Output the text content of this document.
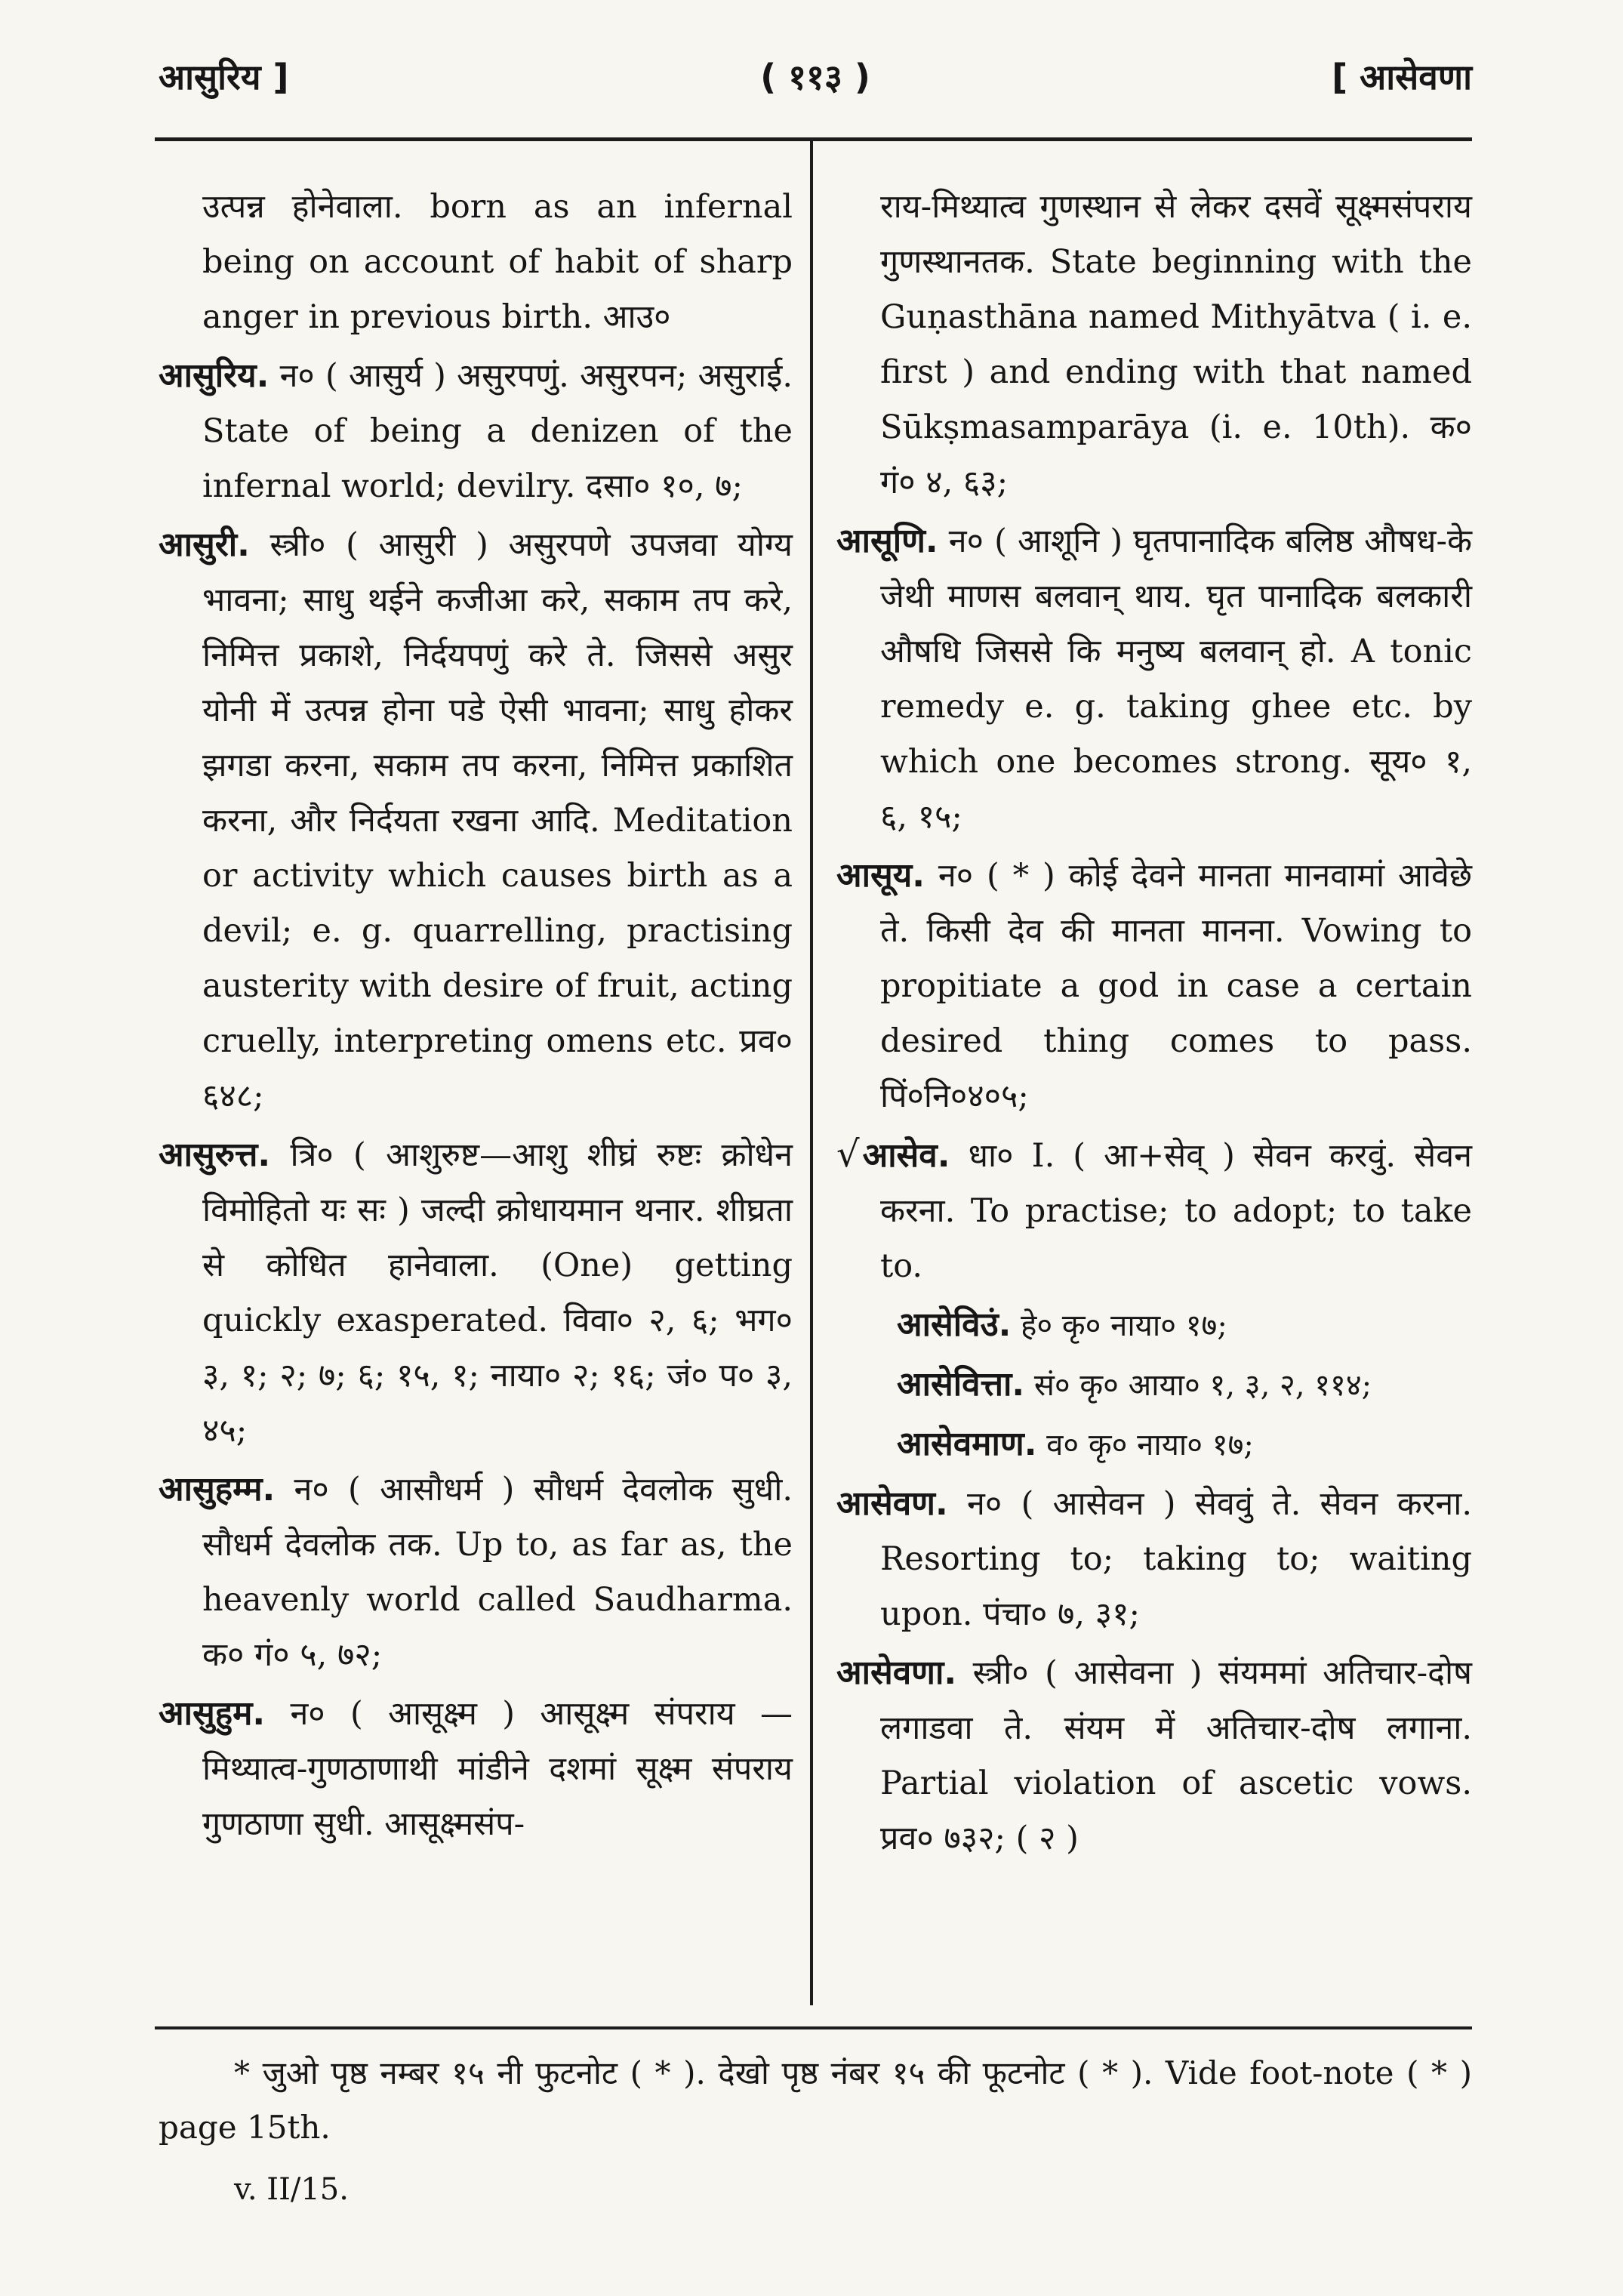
आसुरिय ]	( ११३ )	[ आसेवणा

उत्पन्न होनेवाला. born as an infernal being on account of habit of sharp anger in previous birth. आउ०

आसुरिय. न० ( आसुर्य ) असुरपणुं. असुरपन; असुराई. State of being a denizen of the infernal world; devilry. दसा० १०, ७;

आसुरी. स्त्री० ( आसुरी ) असुरपणे उपजवा योग्य भावना; साधु थईने कजीआ करे, सकाम तप करे, निमित्त प्रकाशे, निर्दयपणुं करे ते. जिससे असुर योनी में उत्पन्न होना पडे ऐसी भावना; साधु होकर झगडा करना, सकाम तप करना, निमित्त प्रकाशित करना, और निर्दयता रखना आदि. Meditation or activity which causes birth as a devil; e. g. quarrelling, practising austerity with desire of fruit, acting cruelly, interpreting omens etc. प्रव० ६४८;

आसुरुत्त. त्रि० ( आशुरुष्ट—आशु शीघ्रं रुष्टः क्रोधेन विमोहितो यः सः ) जल्दी क्रोधायमान थनार. शीघ्रता से कोधित हानेवाला. (One) getting quickly exasperated. विवा० २, ६; भग० ३, १; २; ७; ६; १५, १; नाया० २; १६; जं० प० ३, ४५;

आसुहम्म. न० ( आसौधर्म ) सौधर्म देवलोक सुधी. सौधर्म देवलोक तक. Up to, as far as, the heavenly world called Saudharma. क० गं० ५, ७२;

आसुहुम. न० ( आसूक्ष्म ) आसूक्ष्म संपराय —मिथ्यात्व-गुणठाणाथी मांडीने दशमां सूक्ष्म संपराय गुणठाणा सुधी. आसूक्ष्मसंप-

राय-मिथ्यात्व गुणस्थान से लेकर दसवें सूक्ष्मसंपराय गुणस्थानतक. State beginning with the Guṇasthāna named Mithyātva ( i. e. first ) and ending with that named Sūkṣmasamparāya (i. e. 10th). क० गं० ४, ६३;

आसूणि. न० ( आशूनि ) घृतपानादिक बलिष्ठ औषध-के जेथी माणस बलवान् थाय. घृत पानादिक बलकारी औषधि जिससे कि मनुष्य बलवान् हो. A tonic remedy e. g. taking ghee etc. by which one becomes strong. सूय० १, ६, १५;

आसूय. न० ( * ) कोई देवने मानता मानवामां आवेछे ते. किसी देव की मानता मानना. Vowing to propitiate a god in case a certain desired thing comes to pass. पिं०नि०४०५;

√आसेव. धा० I. ( आ+सेव् ) सेवन करवुं. सेवन करना. To practise; to adopt; to take to.

आसेविउं. हे० कृ० नाया० १७;

आसेवित्ता. सं० कृ० आया० १, ३, २, ११४;

आसेवमाण. व० कृ० नाया० १७;

आसेवण. न० ( आसेवन ) सेववुं ते. सेवन करना. Resorting to; taking to; waiting upon. पंचा० ७, ३१;

आसेवणा. स्त्री० ( आसेवना ) संयममां अतिचार-दोष लगाडवा ते. संयम में अतिचार-दोष लगाना. Partial violation of ascetic vows. प्रव० ७३२; ( २ )

* जुओ पृष्ठ नम्बर १५ नी फुटनोट ( * ). देखो पृष्ठ नंबर १५ की फूटनोट ( * ). Vide foot-note ( * ) page 15th.
v. II/15.
